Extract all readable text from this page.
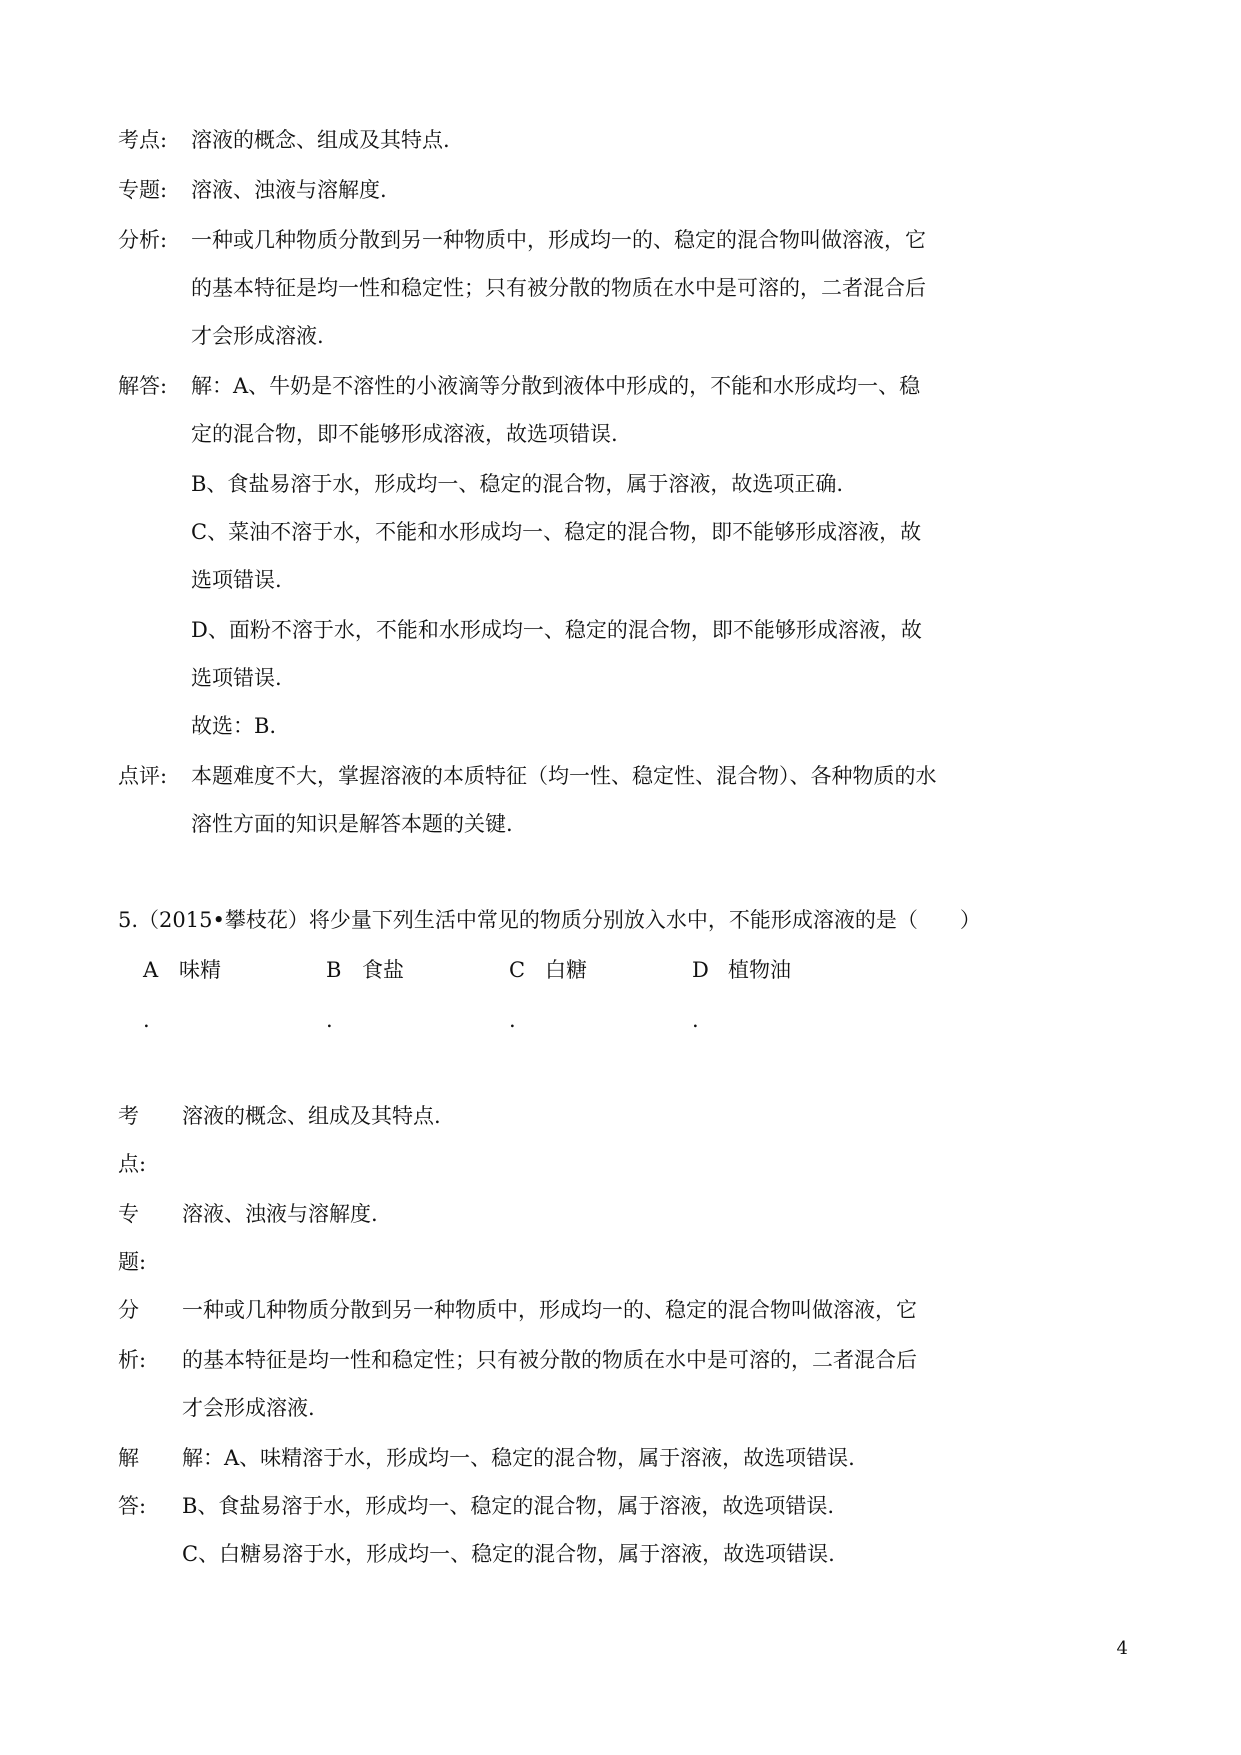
考点: 溶液的概念、组成及其特点.
专题: 溶液、浊液与溶解度.
分析: 一种或几种物质分散到另一种物质中，形成均一的、稳定的混合物叫做溶液，它
的基本特征是均一性和稳定性；只有被分散的物质在水中是可溶的，二者混合后
才会形成溶液.
解答: 解：A、牛奶是不溶性的小液滴等分散到液体中形成的，不能和水形成均一、稳
定的混合物，即不能够形成溶液，故选项错误.
B、食盐易溶于水，形成均一、稳定的混合物，属于溶液，故选项正确.
C、菜油不溶于水，不能和水形成均一、稳定的混合物，即不能够形成溶液，故
选项错误.
D、面粉不溶于水，不能和水形成均一、稳定的混合物，即不能够形成溶液，故
选项错误.
故选：B.
点评: 本题难度不大，掌握溶液的本质特征（均一性、稳定性、混合物）、各种物质的水
溶性方面的知识是解答本题的关键.
5.（2015•攀枝花）将少量下列生活中常见的物质分别放入水中，不能形成溶液的是（　　）
A 味精
.
B 食盐
.
C 白糖
.
D 植物油
.
考
点:
溶液的概念、组成及其特点.
专
题:
溶液、浊液与溶解度.
分
析:
一种或几种物质分散到另一种物质中，形成均一的、稳定的混合物叫做溶液，它
的基本特征是均一性和稳定性；只有被分散的物质在水中是可溶的，二者混合后
才会形成溶液.
解
答:
解：A、味精溶于水，形成均一、稳定的混合物，属于溶液，故选项错误.
B、食盐易溶于水，形成均一、稳定的混合物，属于溶液，故选项错误.
C、白糖易溶于水，形成均一、稳定的混合物，属于溶液，故选项错误.
4
